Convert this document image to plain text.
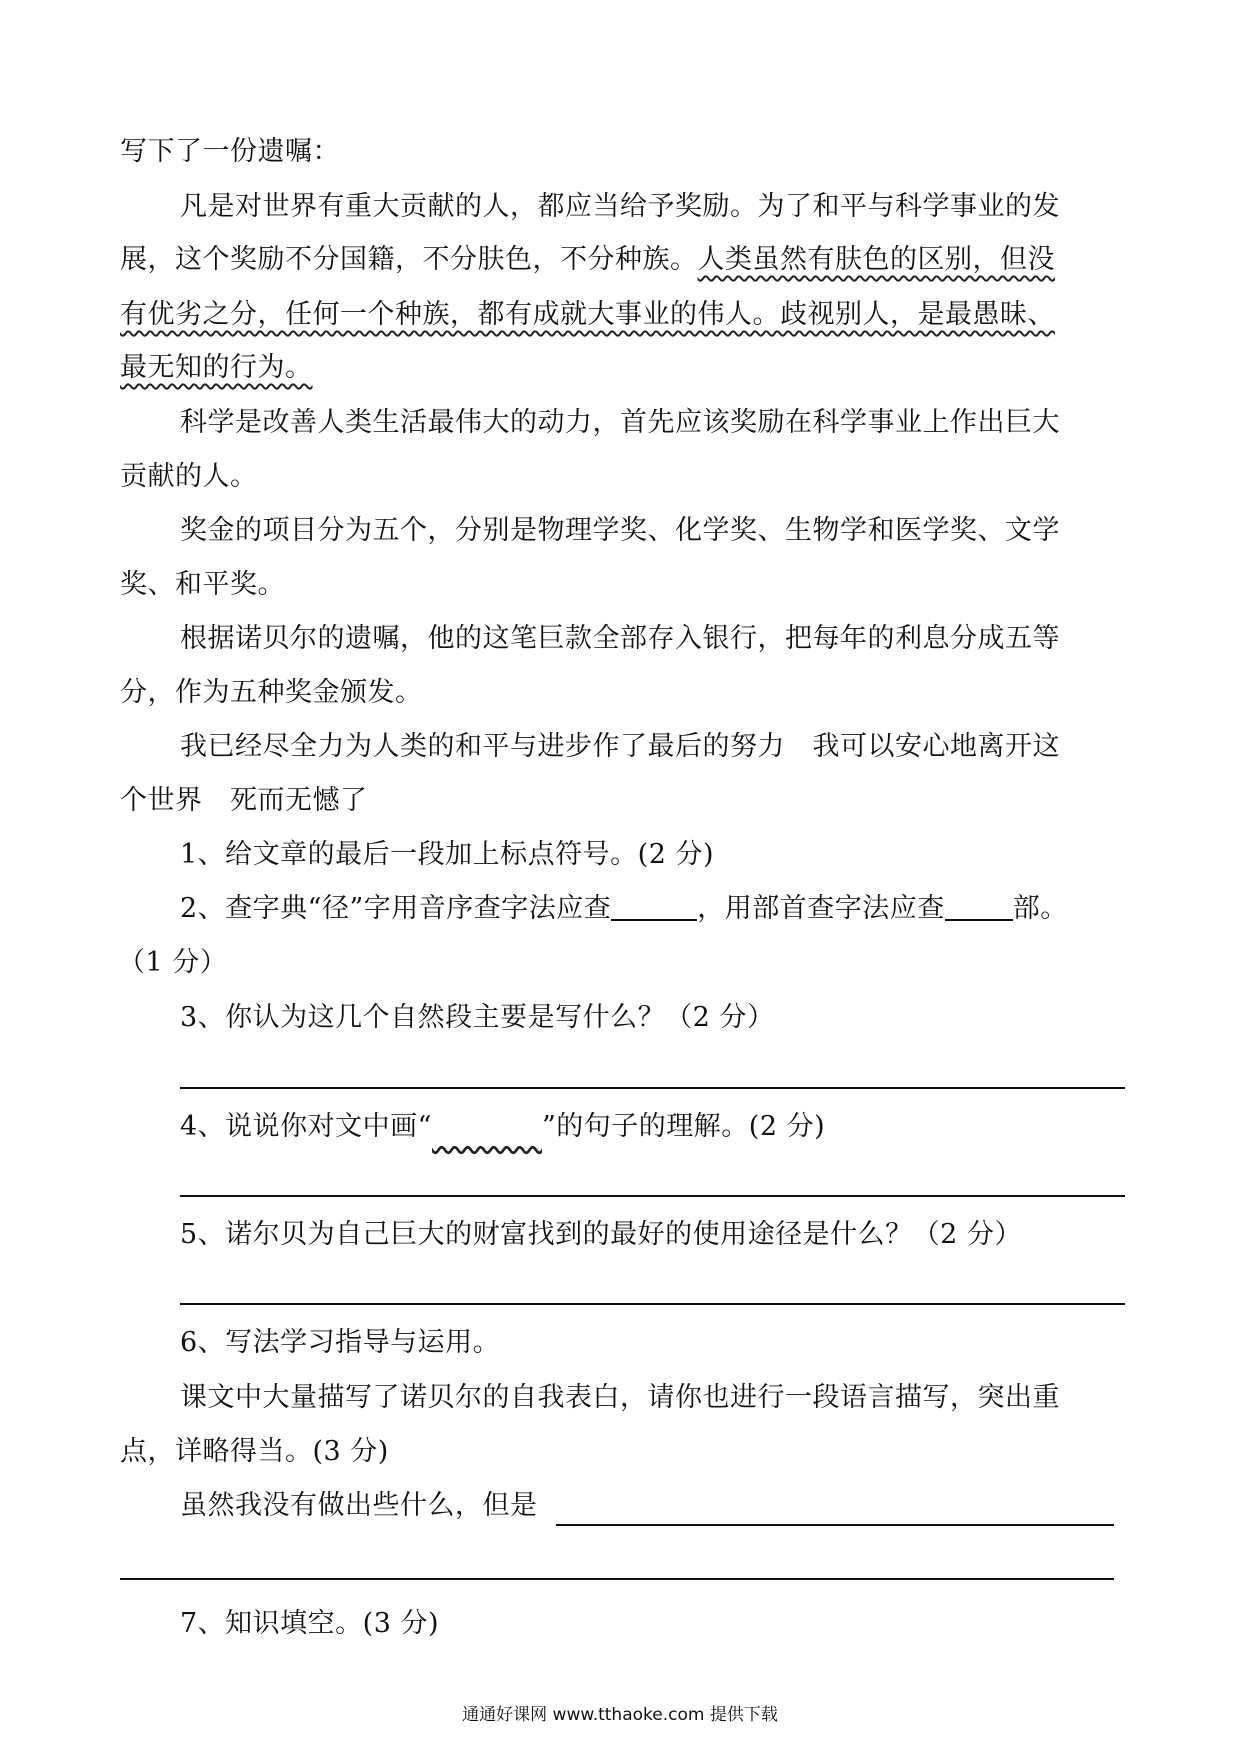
写下了一份遗嘱：
凡是对世界有重大贡献的人，都应当给予奖励。为了和平与科学事业的发
展，这个奖励不分国籍，不分肤色，不分种族。人类虽然有肤色的区别，但没
有优劣之分，任何一个种族，都有成就大事业的伟人。歧视别人，是最愚昧、
最无知的行为。
科学是改善人类生活最伟大的动力，首先应该奖励在科学事业上作出巨大
贡献的人。
奖金的项目分为五个，分别是物理学奖、化学奖、生物学和医学奖、文学
奖、和平奖。
根据诺贝尔的遗嘱，他的这笔巨款全部存入银行，把每年的利息分成五等
分，作为五种奖金颁发。
我已经尽全力为人类的和平与进步作了最后的努力　我可以安心地离开这
个世界　死而无憾了
1、给文章的最后一段加上标点符号。(2 分)
2、查字典“径”字用音序查字法应查	，用部首查字法应查	部。
（1 分）
3、你认为这几个自然段主要是写什么？（2 分）
4、说说你对文中画“　　　　	”的句子的理解。(2 分)
5、诺尔贝为自己巨大的财富找到的最好的使用途径是什么？（2 分）
6、写法学习指导与运用。
课文中大量描写了诺贝尔的自我表白，请你也进行一段语言描写，突出重
点，详略得当。(3 分)
虽然我没有做出些什么，但是
7、知识填空。(3 分)
通通好课网 www.tthaoke.com 提供下载
